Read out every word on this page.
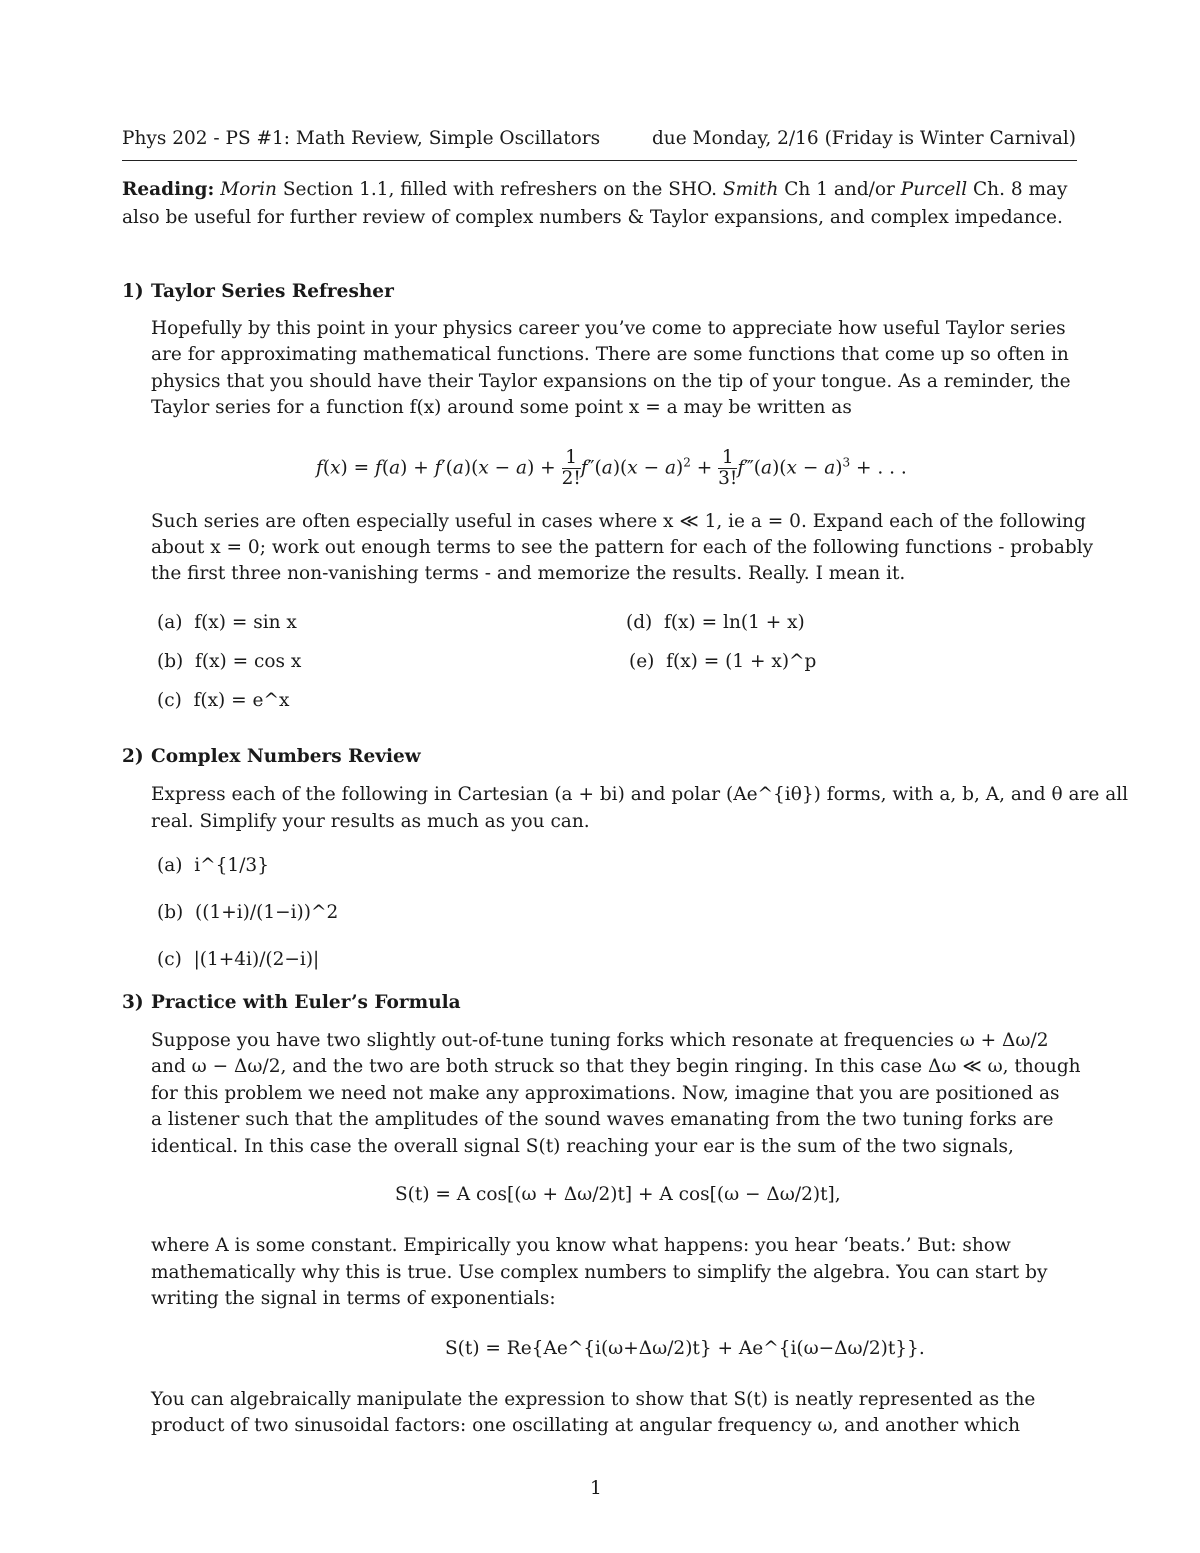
Phys 202 - PS #1: Math Review, Simple Oscillators	due Monday, 2/16 (Friday is Winter Carnival)
Reading: Morin Section 1.1, filled with refreshers on the SHO. Smith Ch 1 and/or Purcell Ch. 8 may
also be useful for further review of complex numbers & Taylor expansions, and complex impedance.
1) Taylor Series Refresher
Hopefully by this point in your physics career you’ve come to appreciate how useful Taylor series
are for approximating mathematical functions. There are some functions that come up so often in
physics that you should have their Taylor expansions on the tip of your tongue. As a reminder, the
Taylor series for a function f(x) around some point x = a may be written as
$f(x) = f(a) + f'(a)(x - a) + \frac{1}{2!} f''(a)(x - a)^2 + \frac{1}{3!}$ f‴(a)(x − a)$^3$ + . . .
Such series are often especially useful in cases where x ≪ 1, ie a = 0. Expand each of the following
about x = 0; work out enough terms to see the pattern for each of the following functions - probably
the first three non-vanishing terms - and memorize the results. Really. I mean it.
(a) f(x) = sin x
(b) f(x) = cos x
(c) f(x) = e^x
(d) f(x) = ln(1 + x)
(e) f(x) = (1 + x)^p
2) Complex Numbers Review
Express each of the following in Cartesian (a + bi) and polar (Ae^{iθ}) forms, with a, b, A, and θ are all
real. Simplify your results as much as you can.
(a) i^{1/3}
(b) ((1+i)/(1−i))^2
(c) |(1+4i)/(2−i)|
3) Practice with Euler’s Formula
Suppose you have two slightly out-of-tune tuning forks which resonate at frequencies ω + Δω/2
and ω − Δω/2, and the two are both struck so that they begin ringing. In this case Δω ≪ ω, though
for this problem we need not make any approximations. Now, imagine that you are positioned as
a listener such that the amplitudes of the sound waves emanating from the two tuning forks are
identical. In this case the overall signal S(t) reaching your ear is the sum of the two signals,
S(t) = A cos[(ω + Δω/2)t] + A cos[(ω − Δω/2)t],
where A is some constant. Empirically you know what happens: you hear ‘beats.’ But: show
mathematically why this is true. Use complex numbers to simplify the algebra. You can start by
writing the signal in terms of exponentials:
S(t) = Re{Ae^{i(ω+Δω/2)t} + Ae^{i(ω−Δω/2)t}}.
You can algebraically manipulate the expression to show that S(t) is neatly represented as the
product of two sinusoidal factors: one oscillating at angular frequency ω, and another which
1
